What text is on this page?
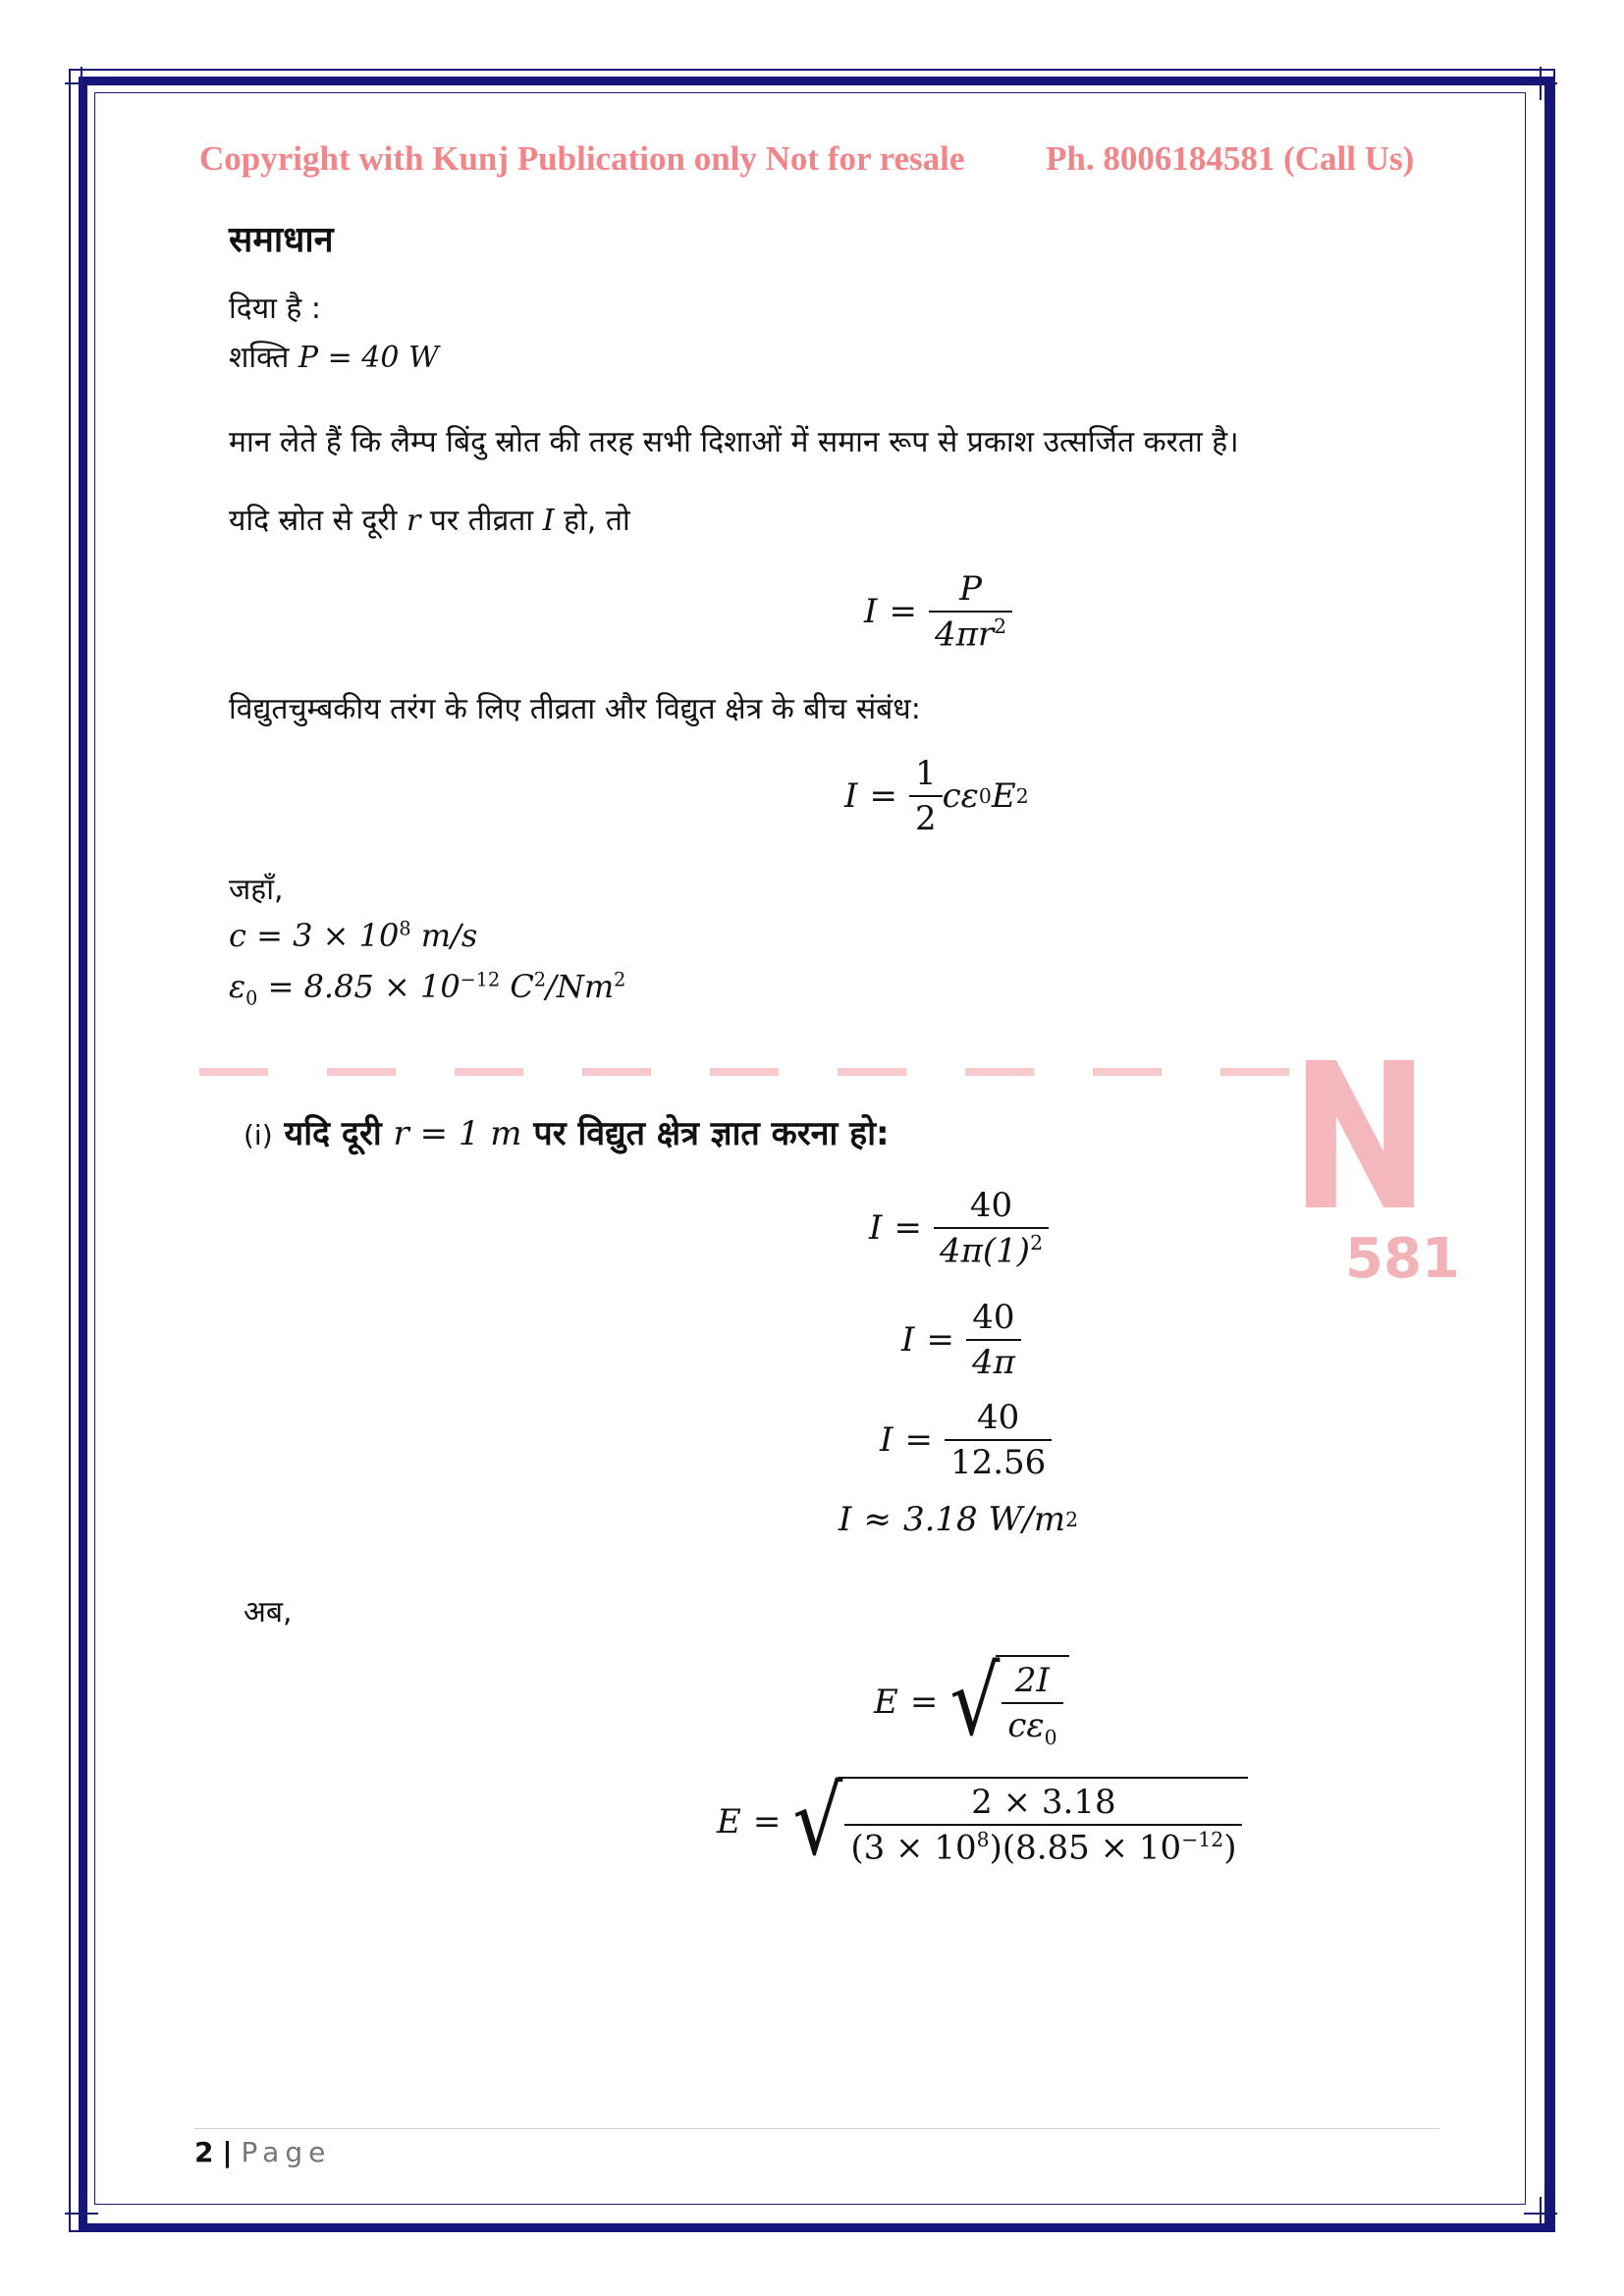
Copyright with Kunj Publication only Not for resale Ph. 8006184581 (Call Us)
581
समाधान
दिया है :
शक्ति P = 40 W
मान लेते हैं कि लैम्प बिंदु स्रोत की तरह सभी दिशाओं में समान रूप से प्रकाश उत्सर्जित करता है।
यदि स्रोत से दूरी r पर तीव्रता I हो, तो
$I = \frac{P}{4\pi r^2}$
विद्युतचुम्बकीय तरंग के लिए तीव्रता और विद्युत क्षेत्र के बीच संबंध:
$I = \frac{1}{2}$ cε 0 E 2
जहाँ,
$c = 3 \times 10^8$ m/s
$\varepsilon_0 = 8.85 \times 10^{-12}$ $C^2/Nm^2$
(i) यदि दूरी r = 1 m पर विद्युत क्षेत्र ज्ञात करना हो:
$I = \frac{40}{4\pi(1)^2}$
$I = \frac{40}{4\pi}$
$I = \frac{40}{12.56}$
I ≈ 3.18 W/m 2
अब,
E = √ $\frac{2I}{c\varepsilon_0}$
E = √ $\frac{2 \times 3.18}{(3 \times 10^8)(8.85 \times 10^{-12})}$
2 | Page
